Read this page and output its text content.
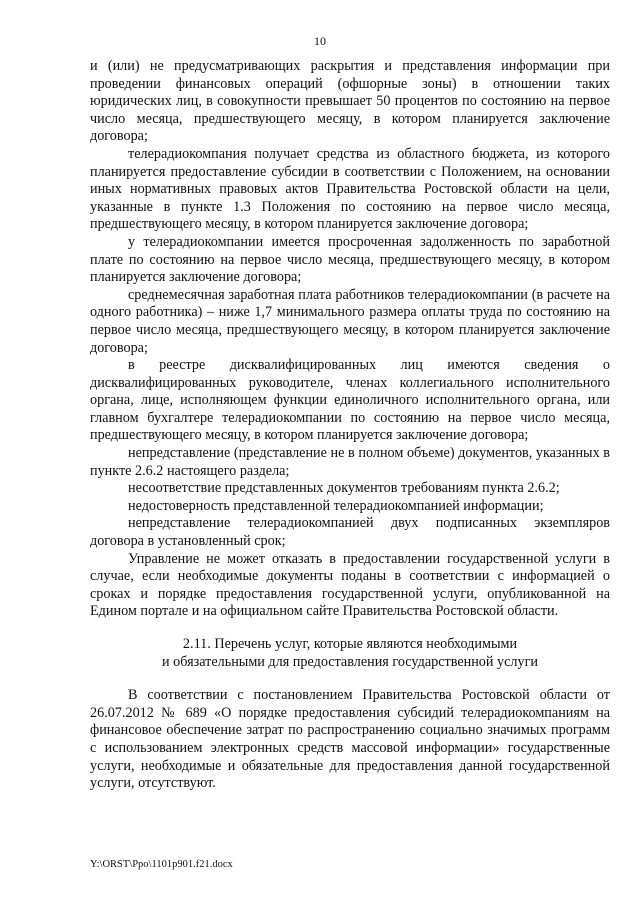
10

и (или) не предусматривающих раскрытия и представления информации при проведении финансовых операций (офшорные зоны) в отношении таких юридических лиц, в совокупности превышает 50 процентов по состоянию на первое число месяца, предшествующего месяцу, в котором планируется заключение договора;

телерадиокомпания получает средства из областного бюджета, из которого планируется предоставление субсидии в соответствии с Положением, на основании иных нормативных правовых актов Правительства Ростовской области на цели, указанные в пункте 1.3 Положения по состоянию на первое число месяца, предшествующего месяцу, в котором планируется заключение договора;

у телерадиокомпании имеется просроченная задолженность по заработной плате по состоянию на первое число месяца, предшествующего месяцу, в котором планируется заключение договора;

среднемесячная заработная плата работников телерадиокомпании (в расчете на одного работника) – ниже 1,7 минимального размера оплаты труда по состоянию на первое число месяца, предшествующего месяцу, в котором планируется заключение договора;

в реестре дисквалифицированных лиц имеются сведения о дисквалифицированных руководителе, членах коллегиального исполнительного органа, лице, исполняющем функции единоличного исполнительного органа, или главном бухгалтере телерадиокомпании по состоянию на первое число месяца, предшествующего месяцу, в котором планируется заключение договора;

непредставление (представление не в полном объеме) документов, указанных в пункте 2.6.2 настоящего раздела;

несоответствие представленных документов требованиям пункта 2.6.2;

недостоверность представленной телерадиокомпанией информации;

непредставление телерадиокомпанией двух подписанных экземпляров договора в установленный срок;

Управление не может отказать в предоставлении государственной услуги в случае, если необходимые документы поданы в соответствии с информацией о сроках и порядке предоставления государственной услуги, опубликованной на Едином портале и на официальном сайте Правительства Ростовской области.

2.11. Перечень услуг, которые являются необходимыми

и обязательными для предоставления государственной услуги

В соответствии с постановлением Правительства Ростовской области от 26.07.2012 № 689 «О порядке предоставления субсидий телерадиокомпаниям на финансовое обеспечение затрат по распространению социально значимых программ с использованием электронных средств массовой информации» государственные услуги, необходимые и обязательные для предоставления данной государственной услуги, отсутствуют.

Y:\ORST\Ppo\1101p901.f21.docx
